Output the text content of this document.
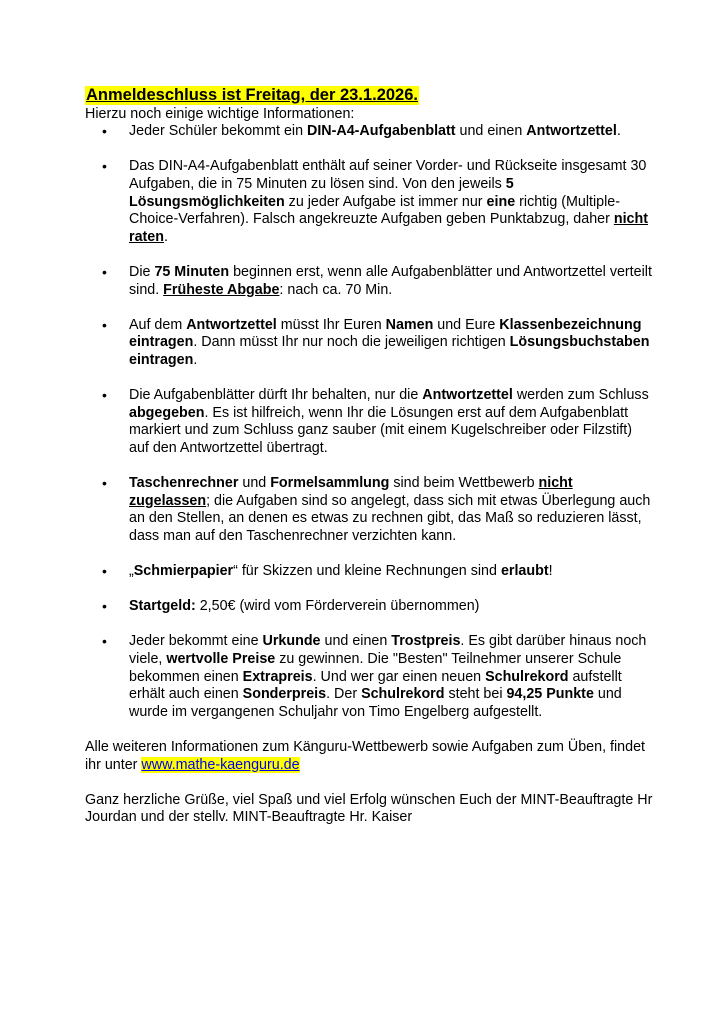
Anmeldeschluss ist Freitag, der 23.1.2026.

Hierzu noch einige wichtige Informationen:

• Jeder Schüler bekommt ein DIN-A4-Aufgabenblatt und einen Antwortzettel.
• Das DIN-A4-Aufgabenblatt enthält auf seiner Vorder- und Rückseite insgesamt 30 Aufgaben, die in 75 Minuten zu lösen sind. Von den jeweils 5 Lösungsmöglichkeiten zu jeder Aufgabe ist immer nur eine richtig (Multiple-Choice-Verfahren). Falsch angekreuzte Aufgaben geben Punktabzug, daher nicht raten.
• Die 75 Minuten beginnen erst, wenn alle Aufgabenblätter und Antwortzettel verteilt sind. Früheste Abgabe: nach ca. 70 Min.
• Auf dem Antwortzettel müsst Ihr Euren Namen und Eure Klassenbezeichnung eintragen. Dann müsst Ihr nur noch die jeweiligen richtigen Lösungsbuchstaben eintragen.
• Die Aufgabenblätter dürft Ihr behalten, nur die Antwortzettel werden zum Schluss abgegeben. Es ist hilfreich, wenn Ihr die Lösungen erst auf dem Aufgabenblatt markiert und zum Schluss ganz sauber (mit einem Kugelschreiber oder Filzstift) auf den Antwortzettel übertragt.
• Taschenrechner und Formelsammlung sind beim Wettbewerb nicht zugelassen; die Aufgaben sind so angelegt, dass sich mit etwas Überlegung auch an den Stellen, an denen es etwas zu rechnen gibt, das Maß so reduzieren lässt, dass man auf den Taschenrechner verzichten kann.
• „Schmierpapier“ für Skizzen und kleine Rechnungen sind erlaubt!
• Startgeld: 2,50€ (wird vom Förderverein übernommen)
• Jeder bekommt eine Urkunde und einen Trostpreis. Es gibt darüber hinaus noch viele, wertvolle Preise zu gewinnen. Die "Besten" Teilnehmer unserer Schule bekommen einen Extrapreis. Und wer gar einen neuen Schulrekord aufstellt erhält auch einen Sonderpreis. Der Schulrekord steht bei 94,25 Punkte und wurde im vergangenen Schuljahr von Timo Engelberg aufgestellt.

Alle weiteren Informationen zum Känguru-Wettbewerb sowie Aufgaben zum Üben, findet ihr unter www.mathe-kaenguru.de

Ganz herzliche Grüße, viel Spaß und viel Erfolg wünschen Euch der MINT-Beauftragte Hr Jourdan und der stellv. MINT-Beauftragte Hr. Kaiser
